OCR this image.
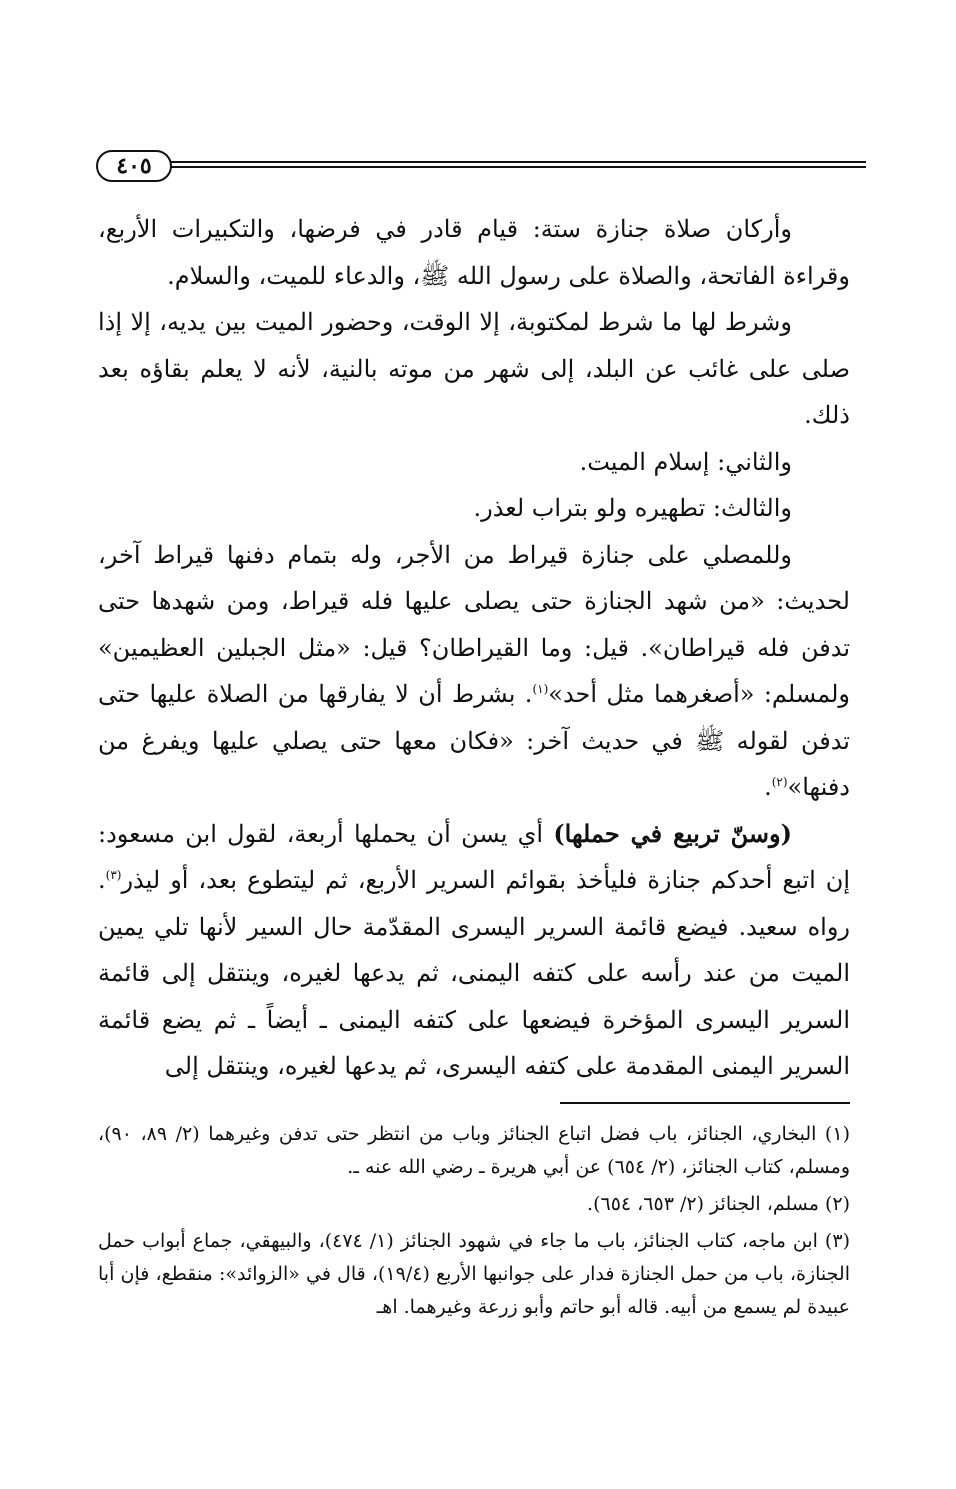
٤٠٥

وأركان صلاة جنازة ستة: قيام قادر في فرضها، والتكبيرات الأربع، وقراءة الفاتحة، والصلاة على رسول الله ﷺ، والدعاء للميت، والسلام.

وشرط لها ما شرط لمكتوبة، إلا الوقت، وحضور الميت بين يديه، إلا إذا صلى على غائب عن البلد، إلى شهر من موته بالنية، لأنه لا يعلم بقاؤه بعد ذلك.

والثاني: إسلام الميت.

والثالث: تطهيره ولو بتراب لعذر.

وللمصلي على جنازة قيراط من الأجر، وله بتمام دفنها قيراط آخر، لحديث: «من شهد الجنازة حتى يصلى عليها فله قيراط، ومن شهدها حتى تدفن فله قيراطان». قيل: وما القيراطان؟ قيل: «مثل الجبلين العظيمين» ولمسلم: «أصغرهما مثل أحد»$^{(١)}$. بشرط أن لا يفارقها من الصلاة عليها حتى تدفن لقوله ﷺ في حديث آخر: «فكان معها حتى يصلي عليها ويفرغ من دفنها»$^{(٢)}$.

(وسنّ تربيع في حملها) أي يسن أن يحملها أربعة، لقول ابن مسعود: إن اتبع أحدكم جنازة فليأخذ بقوائم السرير الأربع، ثم ليتطوع بعد، أو ليذر$^{(٣)}$. رواه سعيد. فيضع قائمة السرير اليسرى المقدّمة حال السير لأنها تلي يمين الميت من عند رأسه على كتفه اليمنى، ثم يدعها لغيره، وينتقل إلى قائمة السرير اليسرى المؤخرة فيضعها على كتفه اليمنى ـ أيضاً ـ ثم يضع قائمة السرير اليمنى المقدمة على كتفه اليسرى، ثم يدعها لغيره، وينتقل إلى

(١) البخاري، الجنائز، باب فضل اتباع الجنائز وباب من انتظر حتى تدفن وغيرهما (٢/ ٨٩، ٩٠)، ومسلم، كتاب الجنائز، (٢/ ٦٥٤) عن أبي هريرة ـ رضي الله عنه ـ.

(٢) مسلم، الجنائز (٢/ ٦٥٣، ٦٥٤).

(٣) ابن ماجه، كتاب الجنائز، باب ما جاء في شهود الجنائز (١/ ٤٧٤)، والبيهقي، جماع أبواب حمل الجنازة، باب من حمل الجنازة فدار على جوانبها الأربع (١٩/٤)، قال في «الزوائد»: منقطع، فإن أبا عبيدة لم يسمع من أبيه. قاله أبو حاتم وأبو زرعة وغيرهما. اهـ
